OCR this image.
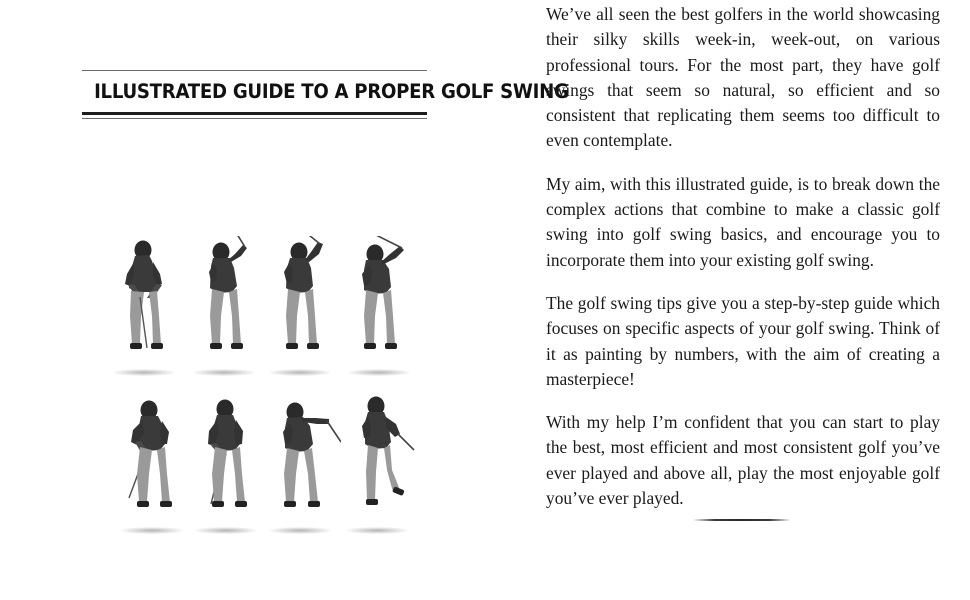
ILLUSTRATED GUIDE TO A PROPER GOLF SWING

We’ve all seen the best golfers in the world showcasing their silky skills week-in, week-out, on various professional tours. For the most part, they have golf swings that seem so natural, so efficient and so consistent that replicating them seems too difficult to even contemplate.

My aim, with this illustrated guide, is to break down the complex actions that combine to make a classic golf swing into golf swing basics, and encourage you to incorporate them into your existing golf swing.

The golf swing tips give you a step-by-step guide which focuses on specific aspects of your golf swing. Think of it as painting by numbers, with the aim of creating a masterpiece!

With my help I’m confident that you can start to play the best, most efficient and most consistent golf you’ve ever played and above all, play the most enjoyable golf you’ve ever played.
